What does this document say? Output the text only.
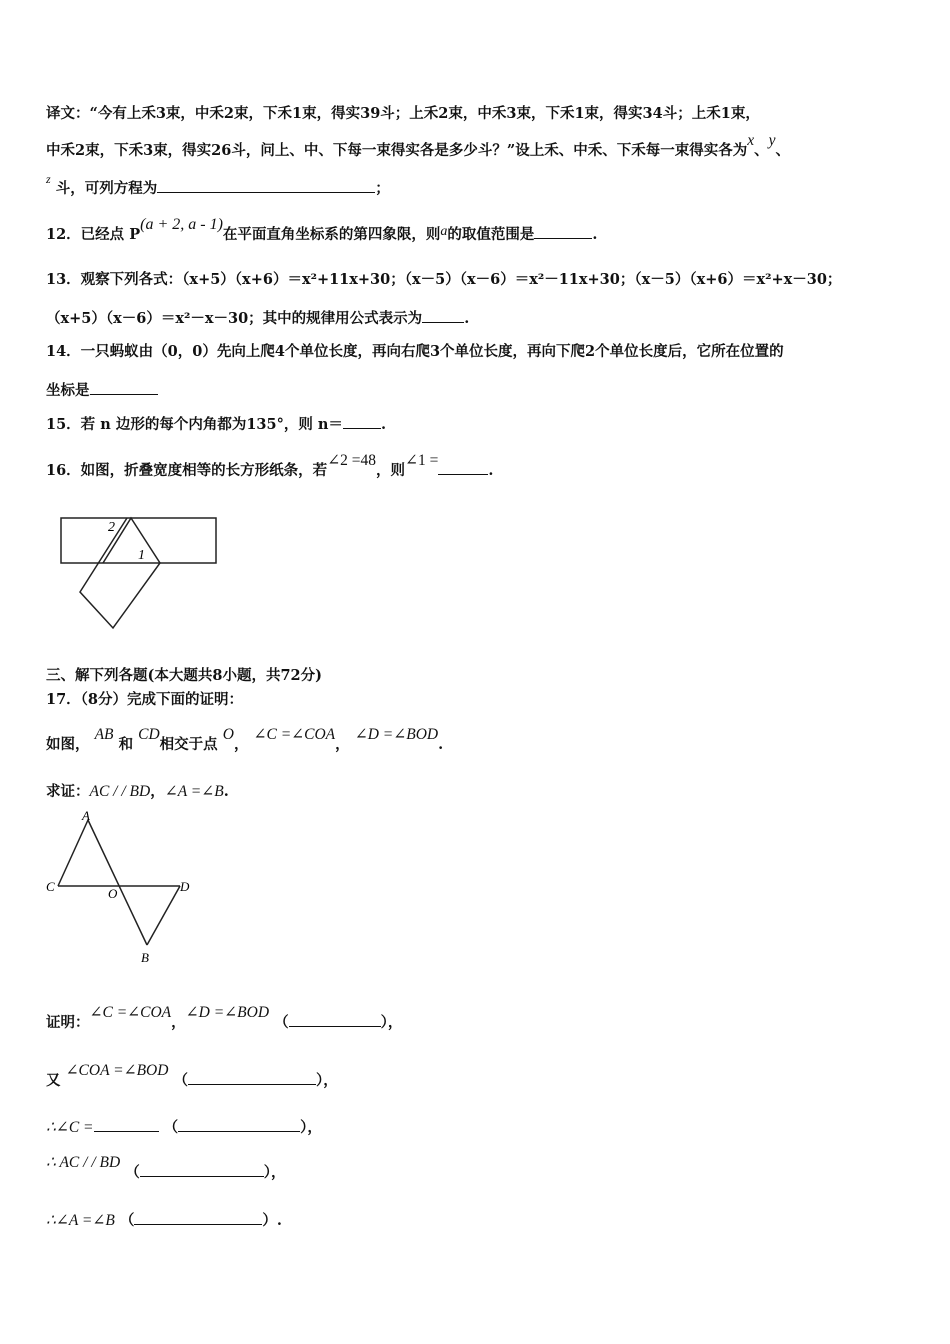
译文：“今有上禾3束，中禾2束，下禾1束，得实39斗；上禾2束，中禾3束，下禾1束，得实34斗；上禾1束，
中禾2束，下禾3束，得实26斗，问上、中、下每一束得实各是多少斗？”设上禾、中禾、下禾每一束得实各为x、y、
$^z$ 斗，可列方程为	；
12．已经点 P(a + 2, a - 1)在平面直角坐标系的第四象限，则a的取值范围是	.
13．观察下列各式：（x+5）（x+6）＝x²+11x+30；（x－5）（x－6）＝x²－11x+30；（x－5）（x+6）＝x²+x－30；
（x+5）（x－6）＝x²－x－30；其中的规律用公式表示为	.
14．一只蚂蚁由（0，0）先向上爬4个单位长度，再向右爬3个单位长度，再向下爬2个单位长度后，它所在位置的
坐标是
15．若 n 边形的每个内角都为135°，则 n＝	.
16．如图，折叠宽度相等的长方形纸条，若∠2 =48，则∠1 =.
2
1
三、解下列各题(本大题共8小题，共72分)
17．（8分）完成下面的证明：
如图， AB 和 CD相交于点 O， ∠C =∠COA， ∠D =∠BOD.
求证：AC / / BD，∠A =∠B.
A
C	O	D
B
证明：∠C =∠COA，∠D =∠BOD （	），
又 ∠COA =∠BOD （	），
∴∠C =	（	），
∴ AC / / BD （	），
∴∠A =∠B （	）.
